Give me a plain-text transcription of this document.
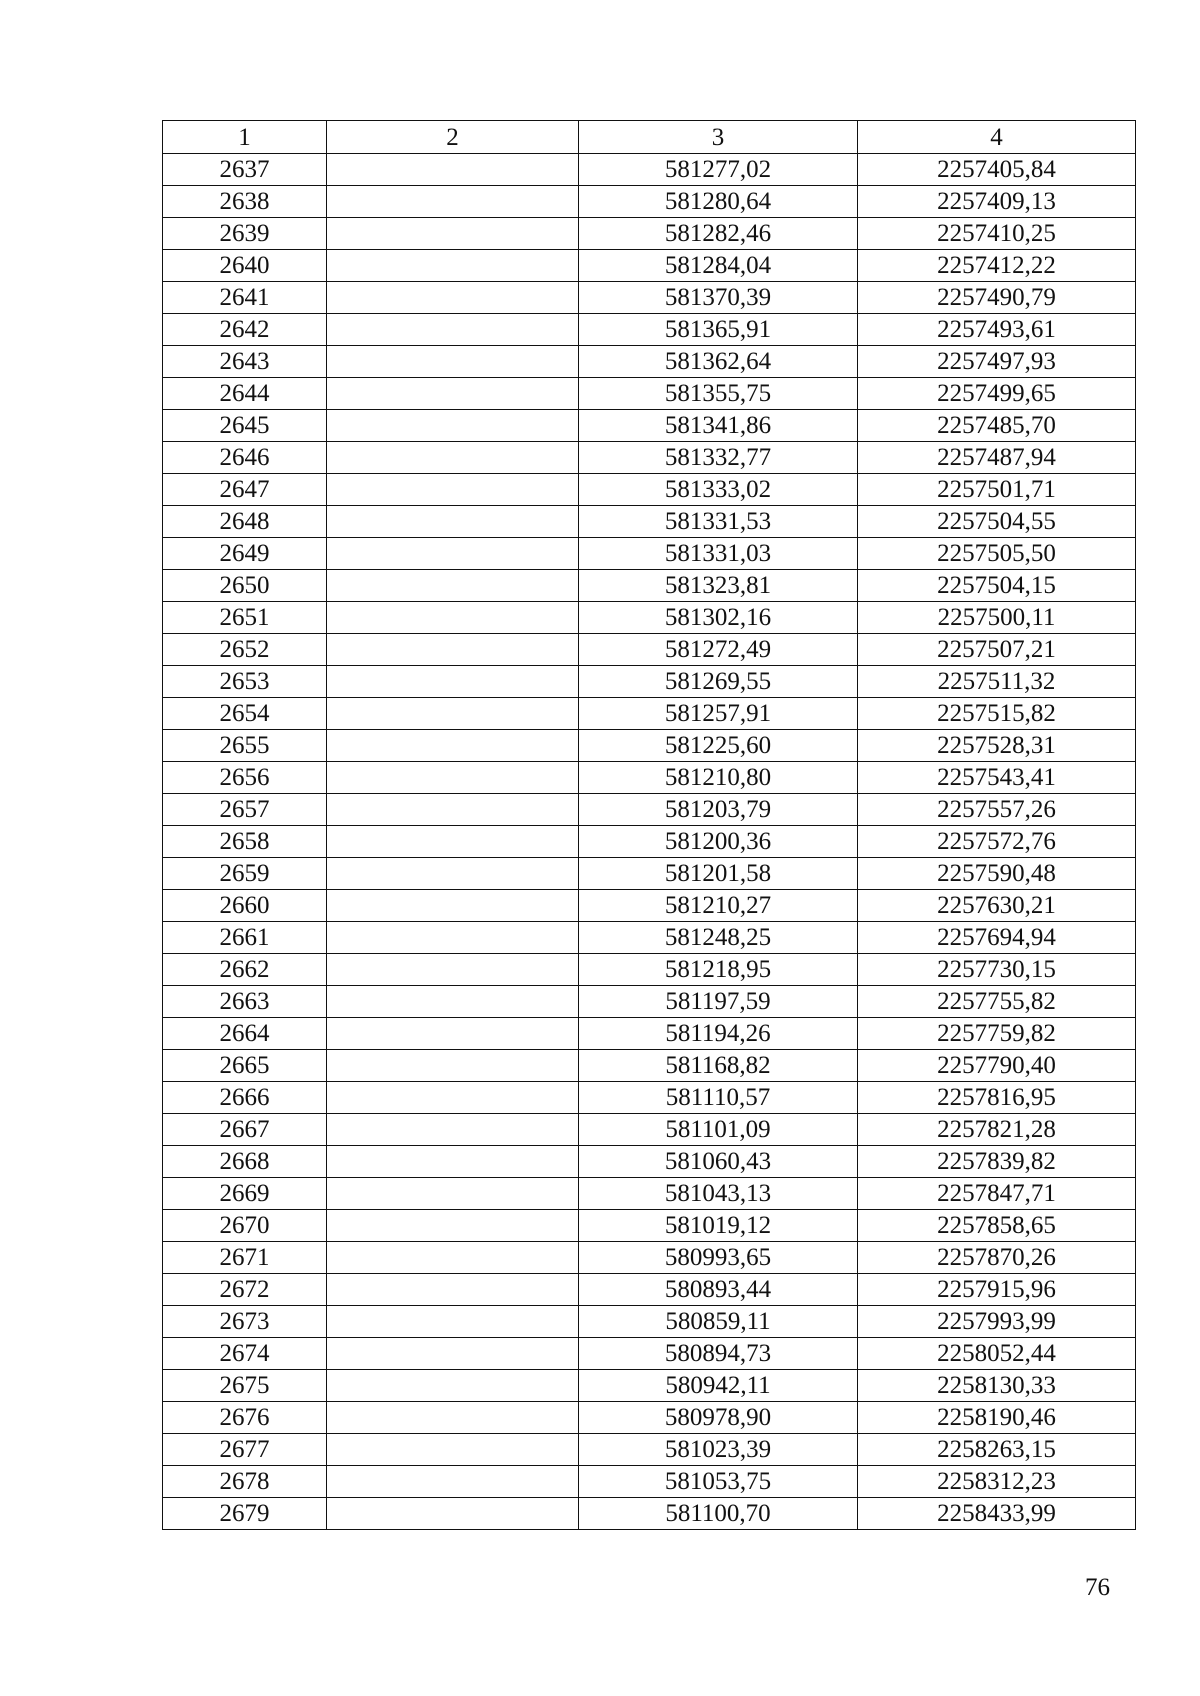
1	2	3	4
2637		581277,02	2257405,84
2638		581280,64	2257409,13
2639		581282,46	2257410,25
2640		581284,04	2257412,22
2641		581370,39	2257490,79
2642		581365,91	2257493,61
2643		581362,64	2257497,93
2644		581355,75	2257499,65
2645		581341,86	2257485,70
2646		581332,77	2257487,94
2647		581333,02	2257501,71
2648		581331,53	2257504,55
2649		581331,03	2257505,50
2650		581323,81	2257504,15
2651		581302,16	2257500,11
2652		581272,49	2257507,21
2653		581269,55	2257511,32
2654		581257,91	2257515,82
2655		581225,60	2257528,31
2656		581210,80	2257543,41
2657		581203,79	2257557,26
2658		581200,36	2257572,76
2659		581201,58	2257590,48
2660		581210,27	2257630,21
2661		581248,25	2257694,94
2662		581218,95	2257730,15
2663		581197,59	2257755,82
2664		581194,26	2257759,82
2665		581168,82	2257790,40
2666		581110,57	2257816,95
2667		581101,09	2257821,28
2668		581060,43	2257839,82
2669		581043,13	2257847,71
2670		581019,12	2257858,65
2671		580993,65	2257870,26
2672		580893,44	2257915,96
2673		580859,11	2257993,99
2674		580894,73	2258052,44
2675		580942,11	2258130,33
2676		580978,90	2258190,46
2677		581023,39	2258263,15
2678		581053,75	2258312,23
2679		581100,70	2258433,99
76
